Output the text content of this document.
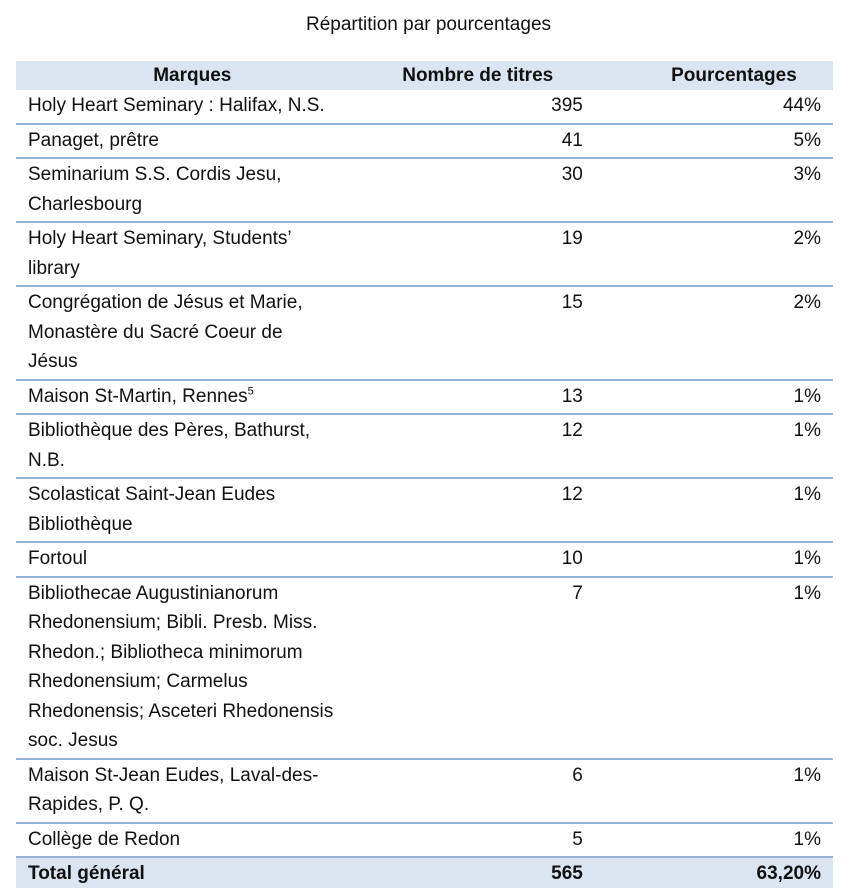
Répartition par pourcentages
Marques	Nombre de titres	Pourcentages
Holy Heart Seminary : Halifax, N.S.	395	44%
Panaget, prêtre	41	5%
Seminarium S.S. Cordis Jesu, Charlesbourg	30	3%
Holy Heart Seminary, Students’ library	19	2%
Congrégation de Jésus et Marie, Monastère du Sacré Coeur de Jésus	15	2%
Maison St-Martin, Rennes$^5$	13	1%
Bibliothèque des Pères, Bathurst, N.B.	12	1%
Scolasticat Saint-Jean Eudes Bibliothèque	12	1%
Fortoul	10	1%
Bibliothecae Augustinianorum Rhedonensium; Bibli. Presb. Miss. Rhedon.; Bibliotheca minimorum Rhedonensium; Carmelus Rhedonensis; Asceteri Rhedonensis soc. Jesus	7	1%
Maison St-Jean Eudes, Laval-des-Rapides, P. Q.	6	1%
Collège de Redon	5	1%
Total général	565	63,20%
